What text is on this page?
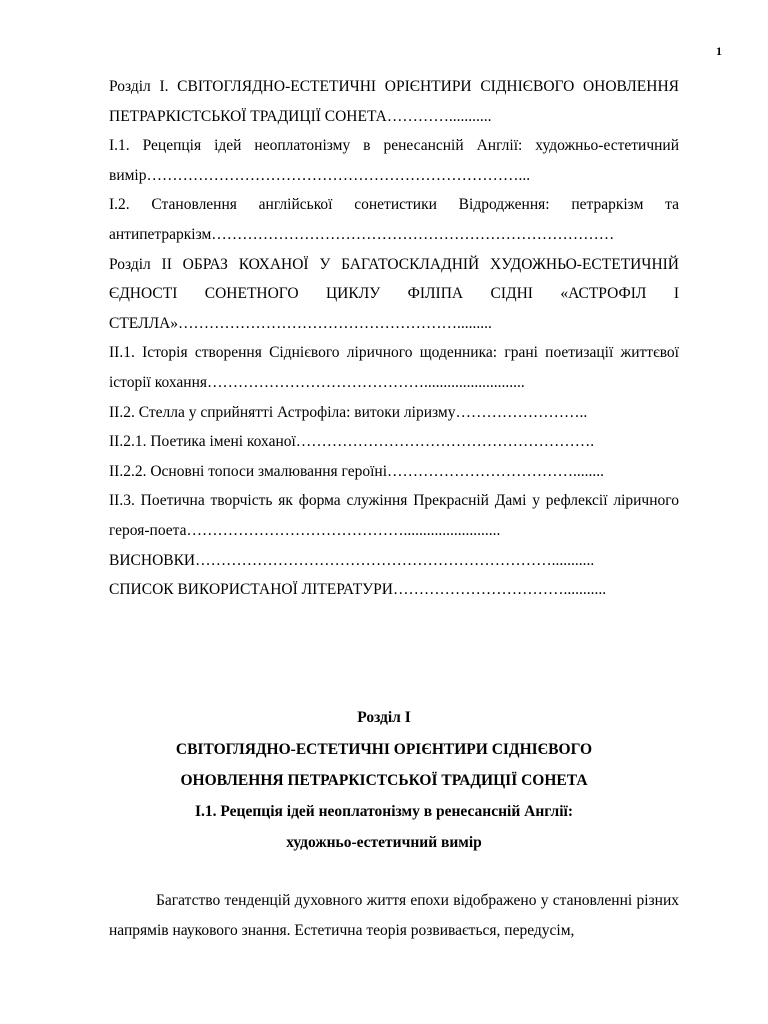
1
Розділ І. СВІТОГЛЯДНО-ЕСТЕТИЧНІ ОРІЄНТИРИ СІДНІЄВОГО ОНОВЛЕННЯ ПЕТРАРКІСТСЬКОЇ ТРАДИЦІЇ СОНЕТА…………...........
І.1. Рецепція ідей неоплатонізму в ренесансній Англії: художньо-естетичний вимір………………………………………………………………...
І.2. Становлення англійської сонетистики Відродження: петраркізм та антипетраркізм……………………………………………………………………
Розділ ІІ ОБРАЗ КОХАНОЇ У БАГАТОСКЛАДНІЙ ХУДОЖНЬО-ЕСТЕТИЧНІЙ ЄДНОСТІ СОНЕТНОГО ЦИКЛУ ФІЛІПА СІДНІ «АСТРОФІЛ І СТЕЛЛА»……………………………………………….........
ІІ.1. Історія створення Сіднієвого ліричного щоденника: грані поетизації життєвої історії кохання……………………………………..........................
ІІ.2. Стелла у сприйнятті Астрофіла: витоки ліризму……………………..
ІІ.2.1. Поетика імені коханої………………………………………………….
ІІ.2.2. Основні топоси змалювання героїні………………………………........
ІІ.3. Поетична творчість як форма служіння Прекрасній Дамі у рефлексії ліричного героя-поета…………………………………….........................
ВИСНОВКИ……………………………………………………………...........
СПИСОК ВИКОРИСТАНОЇ ЛІТЕРАТУРИ……………………………...........
Розділ І
СВІТОГЛЯДНО-ЕСТЕТИЧНІ ОРІЄНТИРИ СІДНІЄВОГО
ОНОВЛЕННЯ ПЕТРАРКІСТСЬКОЇ ТРАДИЦІЇ СОНЕТА
І.1. Рецепція ідей неоплатонізму в ренесансній Англії:
художньо-естетичний вимір
Багатство тенденцій духовного життя епохи відображено у становленні різних напрямів наукового знання. Естетична теорія розвивається, передусім,
